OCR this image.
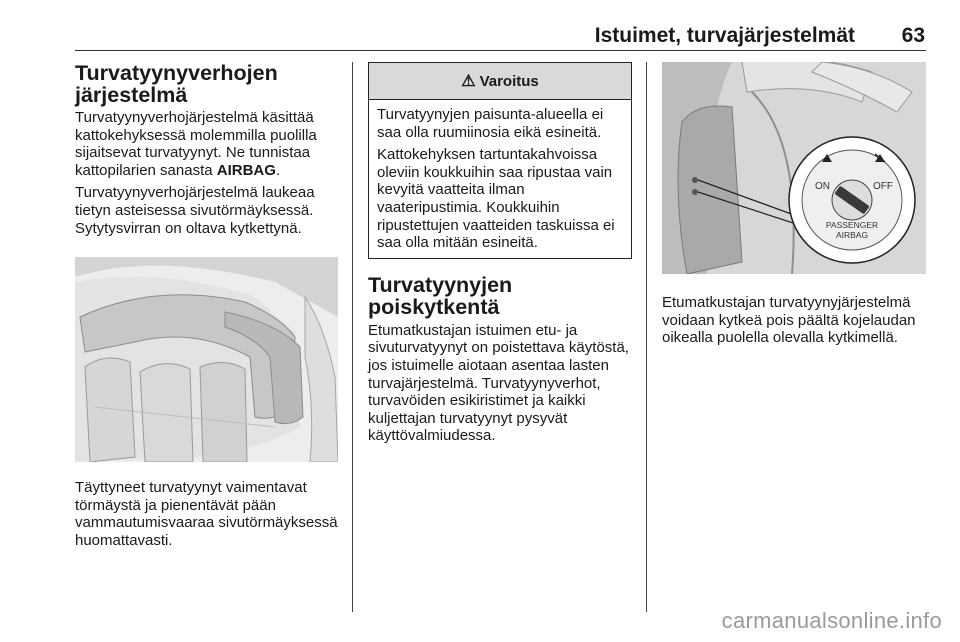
Istuimet, turvajärjestelmät 63
Turvatyynyverhojen
järjestelmä

Turvatyynyverhojärjestelmä käsittää kattokehyksessä molemmilla puolilla sijaitsevat turvatyynyt. Ne tunnistaa kattopilarien sanasta AIRBAG.

Turvatyynyverhojärjestelmä laukeaa tietyn asteisessa sivutörmäyksessä. Sytytysvirran on oltava kytkettynä.

Täyttyneet turvatyynyt vaimentavat törmäystä ja pienentävät pään vammautumisvaaraa sivutörmäyksessä huomattavasti.

⚠ Varoitus

Turvatyynyjen paisunta-alueella ei saa olla ruumiinosia eikä esineitä.

Kattokehyksen tartuntakahvoissa oleviin koukkuihin saa ripustaa vain kevyitä vaatteita ilman vaateripustimia. Koukkuihin ripustettujen vaatteiden taskuissa ei saa olla mitään esineitä.

Turvatyynyjen poiskytkentä

Etumatkustajan istuimen etu- ja sivuturvatyynyt on poistettava käytöstä, jos istuimelle aiotaan asentaa lasten turvajärjestelmä. Turvatyynyverhot, turvavöiden esikiristimet ja kaikki kuljettajan turvatyynyt pysyvät käyttövalmiudessa.

ON	OFF
PASSENGER
AIRBAG

Etumatkustajan turvatyynyjärjestelmä voidaan kytkeä pois päältä kojelaudan oikealla puolella olevalla kytkimellä.

carmanualsonline.info
